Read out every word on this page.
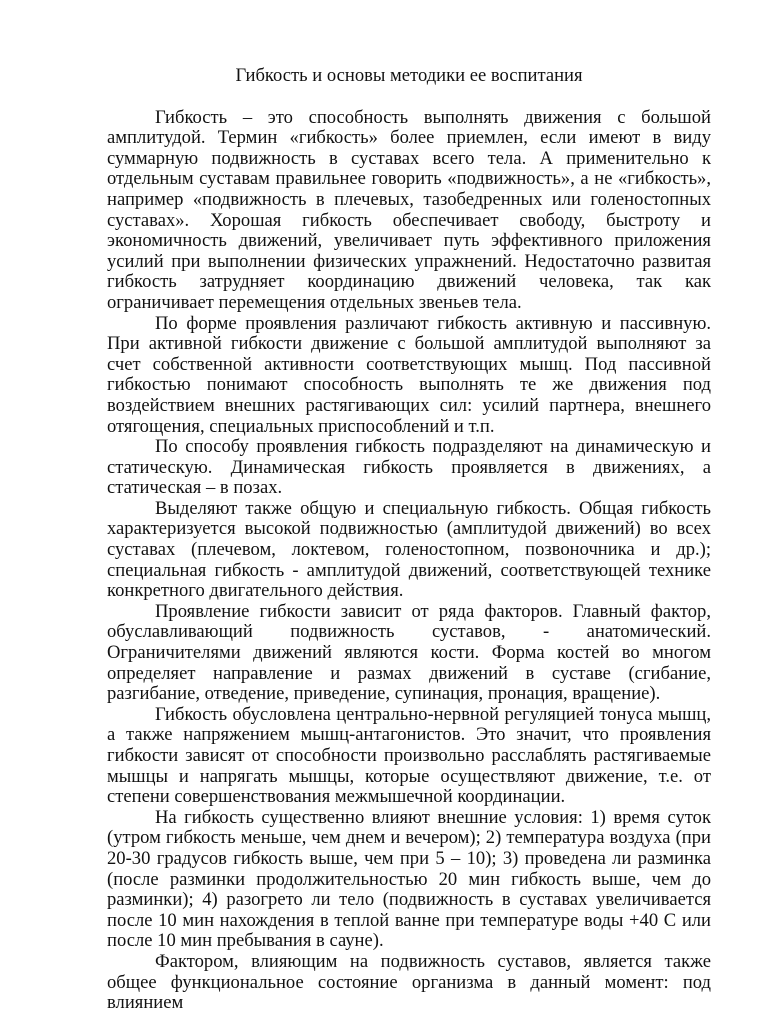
Гибкость и основы методики ее воспитания

Гибкость – это способность выполнять движения с большой амплитудой. Термин «гибкость» более приемлен, если имеют в виду суммарную подвижность в суставах всего тела. А применительно к отдельным суставам правильнее говорить «подвижность», а не «гибкость», например «подвижность в плечевых, тазобедренных или голеностопных суставах». Хорошая гибкость обеспечивает свободу, быстроту и экономичность движений, увеличивает путь эффективного приложения усилий при выполнении физических упражнений. Недостаточно развитая гибкость затрудняет координацию движений человека, так как ограничивает перемещения отдельных звеньев тела.

По форме проявления различают гибкость активную и пассивную. При активной гибкости движение с большой амплитудой выполняют за счет собственной активности соответствующих мышц. Под пассивной гибкостью понимают способность выполнять те же движения под воздействием внешних растягивающих сил: усилий партнера, внешнего отягощения, специальных приспособлений и т.п.

По способу проявления гибкость подразделяют на динамическую и статическую. Динамическая гибкость проявляется в движениях, а статическая – в позах.

Выделяют также общую и специальную гибкость. Общая гибкость характеризуется высокой подвижностью (амплитудой движений) во всех суставах (плечевом, локтевом, голеностопном, позвоночника и др.); специальная гибкость - амплитудой движений, соответствующей технике конкретного двигательного действия.

Проявление гибкости зависит от ряда факторов. Главный фактор, обуславливающий подвижность суставов, - анатомический. Ограничителями движений являются кости. Форма костей во многом определяет направление и размах движений в суставе (сгибание, разгибание, отведение, приведение, супинация, пронация, вращение).

Гибкость обусловлена центрально-нервной регуляцией тонуса мышц, а также напряжением мышц-антагонистов. Это значит, что проявления гибкости зависят от способности произвольно расслаблять растягиваемые мышцы и напрягать мышцы, которые осуществляют движение, т.е. от степени совершенствования межмышечной координации.

На гибкость существенно влияют внешние условия: 1) время суток (утром гибкость меньше, чем днем и вечером); 2) температура воздуха (при 20-30 градусов гибкость выше, чем при 5 – 10); 3) проведена ли разминка (после разминки продолжительностью 20 мин гибкость выше, чем до разминки); 4) разогрето ли тело (подвижность в суставах увеличивается после 10 мин нахождения в теплой ванне при температуре воды +40 С или после 10 мин пребывания в сауне).

Фактором, влияющим на подвижность суставов, является также общее функциональное состояние организма в данный момент: под влиянием
